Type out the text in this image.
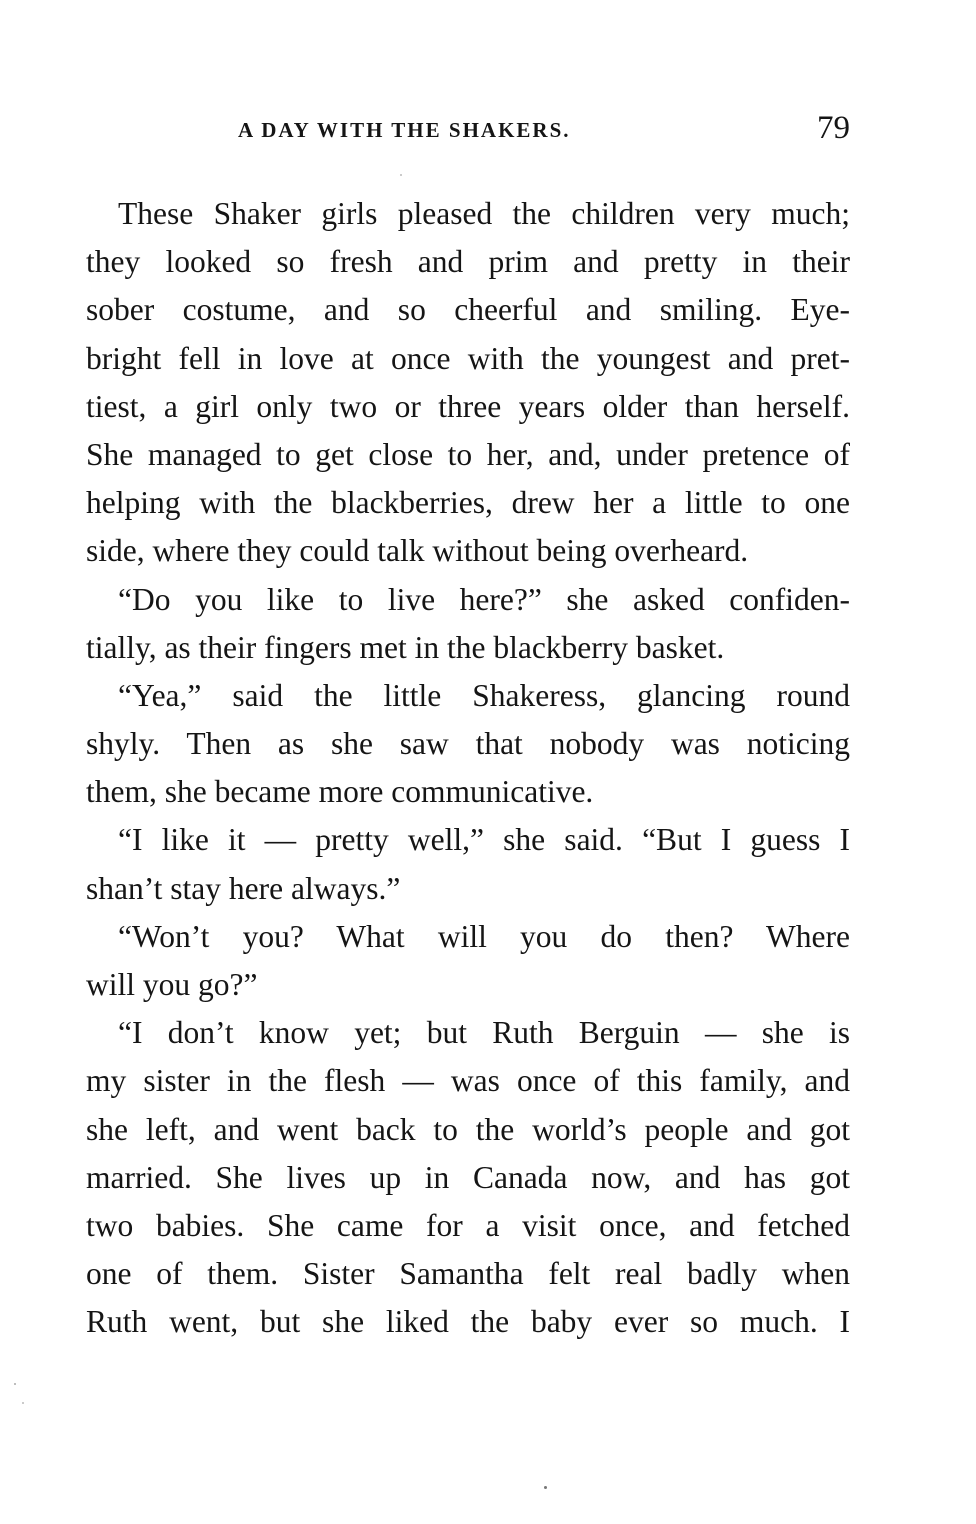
A DAY WITH THE SHAKERS.	79
These Shaker girls pleased the children very much;
they looked so fresh and prim and pretty in their
sober costume, and so cheerful and smiling. Eye-
bright fell in love at once with the youngest and pret-
tiest, a girl only two or three years older than herself.
She managed to get close to her, and, under pretence of
helping with the blackberries, drew her a little to one
side, where they could talk without being overheard.
“Do you like to live here?” she asked confiden-
tially, as their fingers met in the blackberry basket.
“Yea,” said the little Shakeress, glancing round
shyly. Then as she saw that nobody was noticing
them, she became more communicative.
“I like it — pretty well,” she said. “But I guess I
shan’t stay here always.”
“Won’t you? What will you do then? Where
will you go?”
“I don’t know yet; but Ruth Berguin — she is
my sister in the flesh — was once of this family, and
she left, and went back to the world’s people and got
married. She lives up in Canada now, and has got
two babies. She came for a visit once, and fetched
one of them. Sister Samantha felt real badly when
Ruth went, but she liked the baby ever so much. I
